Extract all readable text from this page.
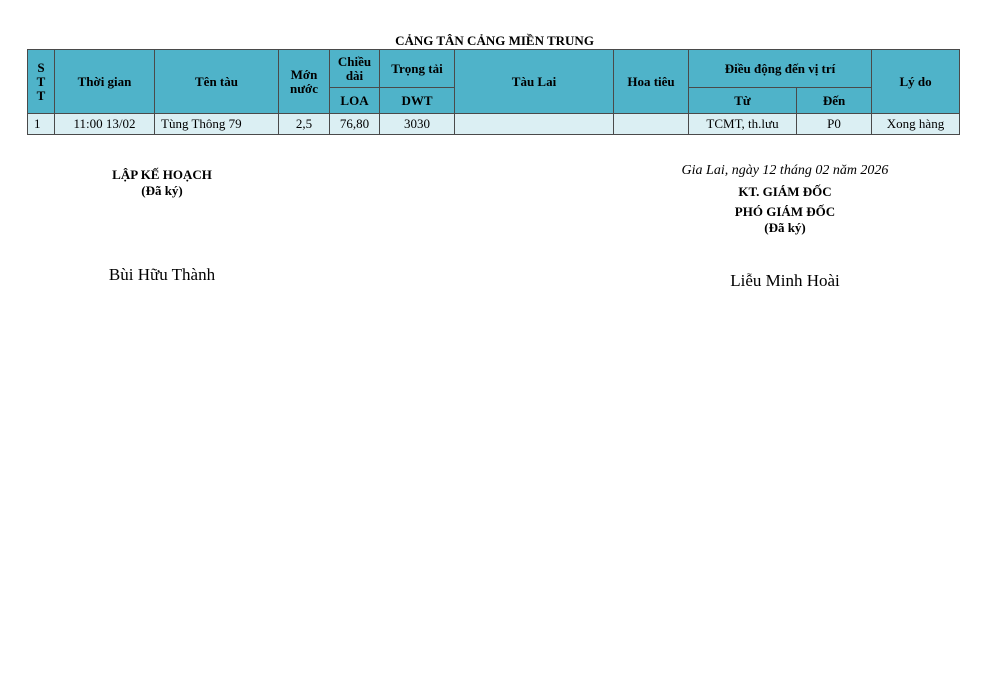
CẢNG TÂN CẢNG MIỀN TRUNG
S
T
T	Thời gian	Tên tàu	Mớn nước	Chiều dài	Trọng tải	Tàu Lai	Hoa tiêu	Điều động đến vị trí		Lý do
				LOA	DWT			Từ	Đến	
1	11:00 13/02	Tùng Thông 79	2,5	76,80	3030			TCMT, th.lưu	P0	Xong hàng
LẬP KẾ HOẠCH
(Đã ký)
Bùi Hữu Thành
Gia Lai, ngày 12 tháng 02 năm 2026
KT. GIÁM ĐỐC
PHÓ GIÁM ĐỐC
(Đã ký)
Liễu Minh Hoài
